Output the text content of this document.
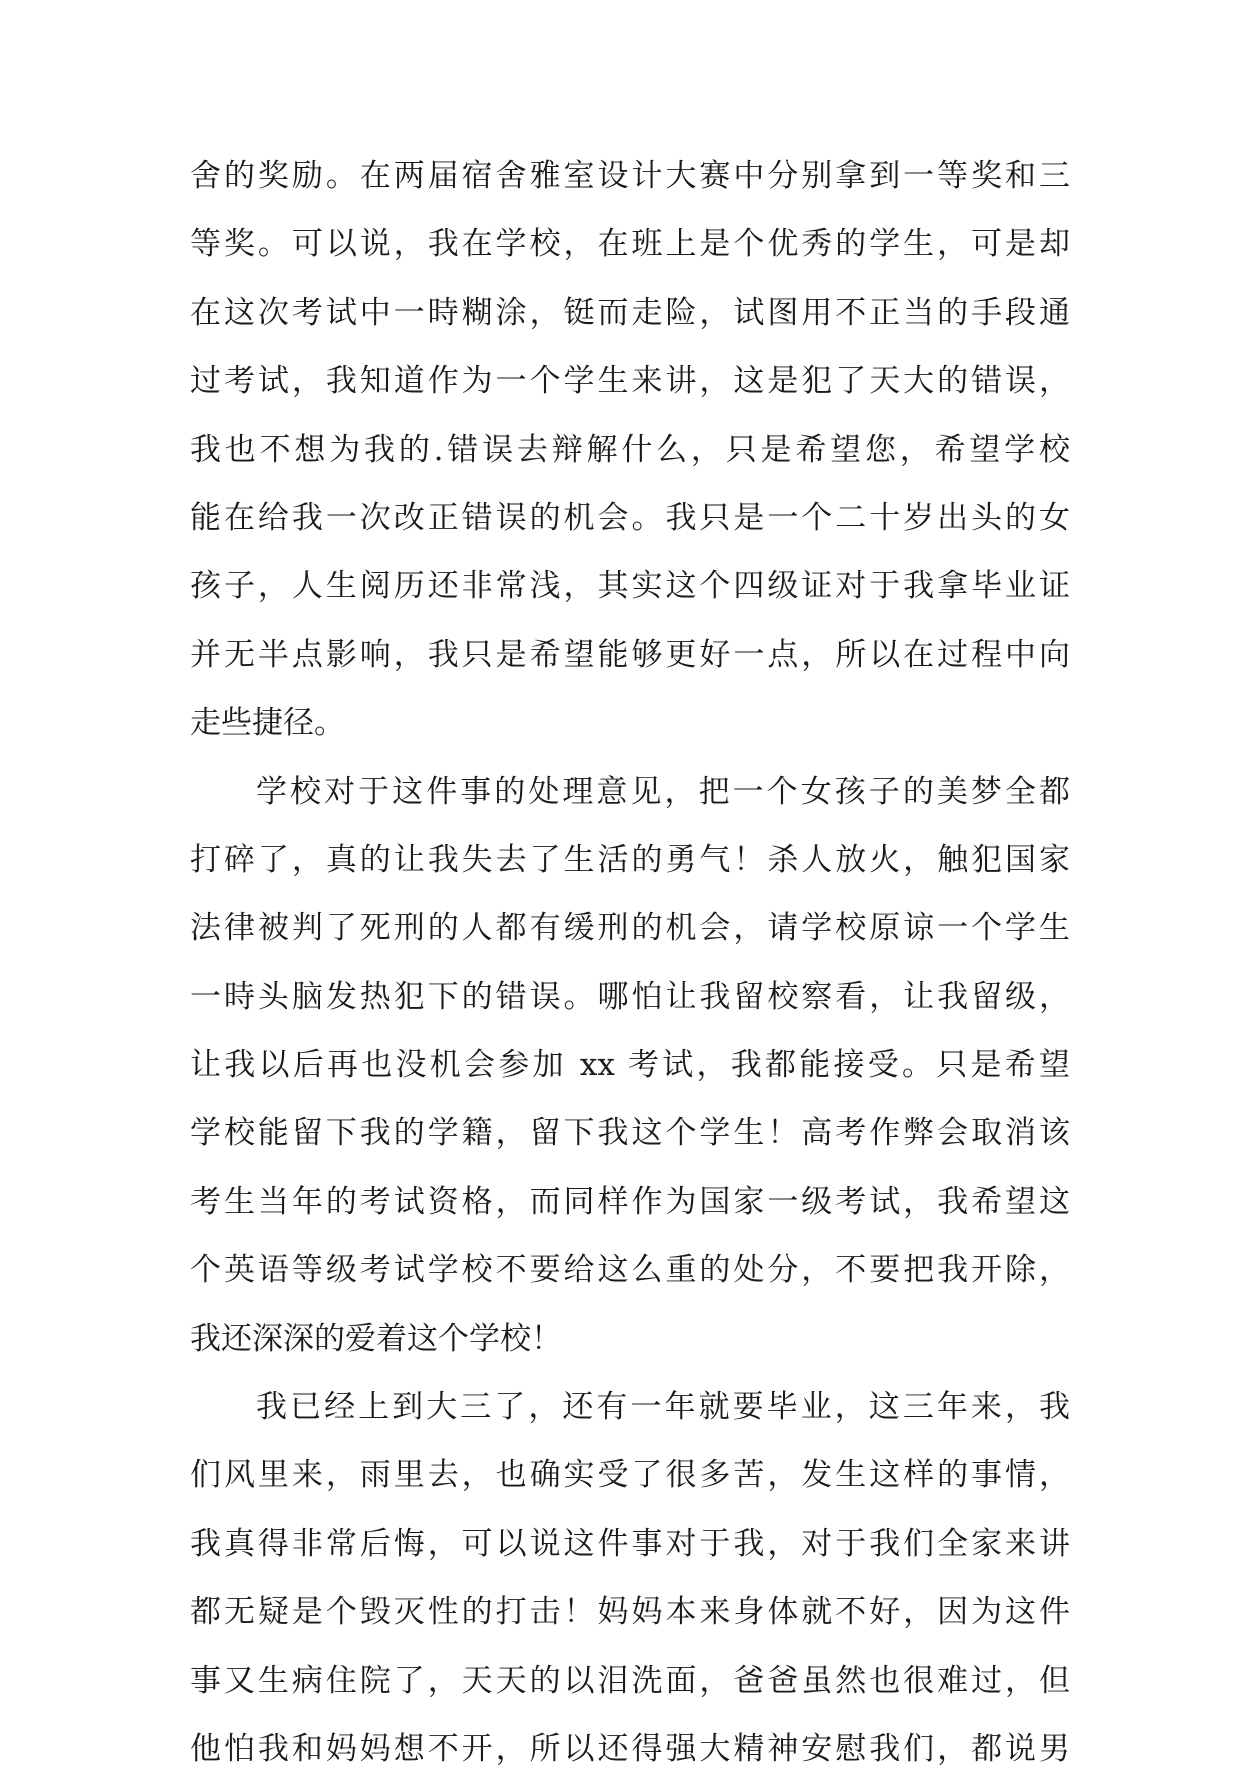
舍的奖励。在两届宿舍雅室设计大赛中分别拿到一等奖和三
等奖。可以说，我在学校，在班上是个优秀的学生，可是却
在这次考试中一時糊涂，铤而走险，试图用不正当的手段通
过考试，我知道作为一个学生来讲，这是犯了天大的错误，
我也不想为我的.错误去辩解什么，只是希望您，希望学校
能在给我一次改正错误的机会。我只是一个二十岁出头的女
孩子，人生阅历还非常浅，其实这个四级证对于我拿毕业证
并无半点影响，我只是希望能够更好一点，所以在过程中向
走些捷径。
学校对于这件事的处理意见，把一个女孩子的美梦全都
打碎了，真的让我失去了生活的勇气！杀人放火，触犯国家
法律被判了死刑的人都有缓刑的机会，请学校原谅一个学生
一時头脑发热犯下的错误。哪怕让我留校察看，让我留级，
让我以后再也没机会参加 xx 考试，我都能接受。只是希望
学校能留下我的学籍，留下我这个学生！高考作弊会取消该
考生当年的考试资格，而同样作为国家一级考试，我希望这
个英语等级考试学校不要给这么重的处分，不要把我开除，
我还深深的爱着这个学校！
我已经上到大三了，还有一年就要毕业，这三年来，我
们风里来，雨里去，也确实受了很多苦，发生这样的事情，
我真得非常后悔，可以说这件事对于我，对于我们全家来讲
都无疑是个毁灭性的打击！妈妈本来身体就不好，因为这件
事又生病住院了，天天的以泪洗面，爸爸虽然也很难过，但
他怕我和妈妈想不开，所以还得强大精神安慰我们，都说男
